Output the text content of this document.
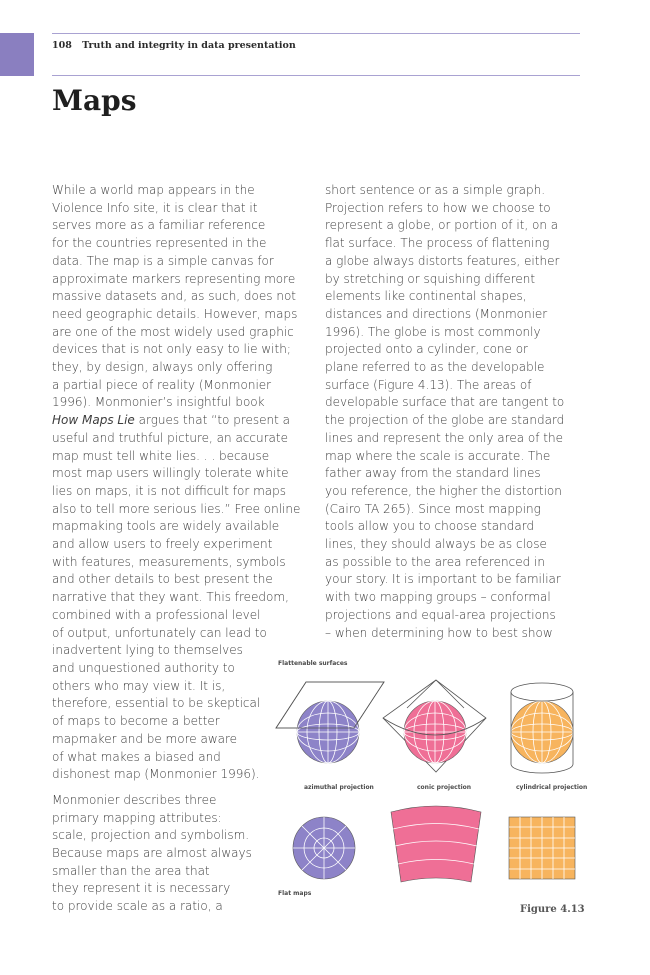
108 Truth and integrity in data presentation
Maps
While a world map appears in the
Violence Info site, it is clear that it
serves more as a familiar reference
for the countries represented in the
data. The map is a simple canvas for
approximate markers representing more
massive datasets and, as such, does not
need geographic details. However, maps
are one of the most widely used graphic
devices that is not only easy to lie with;
they, by design, always only offering
a partial piece of reality (Monmonier
1996). Monmonier’s insightful book
How Maps Lie argues that “to present a
useful and truthful picture, an accurate
map must tell white lies. . . because
most map users willingly tolerate white
lies on maps, it is not difficult for maps
also to tell more serious lies.” Free online
mapmaking tools are widely available
and allow users to freely experiment
with features, measurements, symbols
and other details to best present the
narrative that they want. This freedom,
combined with a professional level
of output, unfortunately can lead to
inadvertent lying to themselves
and unquestioned authority to
others who may view it. It is,
therefore, essential to be skeptical
of maps to become a better
mapmaker and be more aware
of what makes a biased and
dishonest map (Monmonier 1996).
Monmonier describes three
primary mapping attributes:
scale, projection and symbolism.
Because maps are almost always
smaller than the area that
they represent it is necessary
to provide scale as a ratio, a
short sentence or as a simple graph.
Projection refers to how we choose to
represent a globe, or portion of it, on a
flat surface. The process of flattening
a globe always distorts features, either
by stretching or squishing different
elements like continental shapes,
distances and directions (Monmonier
1996). The globe is most commonly
projected onto a cylinder, cone or
plane referred to as the developable
surface (Figure 4.13). The areas of
developable surface that are tangent to
the projection of the globe are standard
lines and represent the only area of the
map where the scale is accurate. The
father away from the standard lines
you reference, the higher the distortion
(Cairo TA 265). Since most mapping
tools allow you to choose standard
lines, they should always be as close
as possible to the area referenced in
your story. It is important to be familiar
with two mapping groups – conformal
projections and equal-area projections
– when determining how to best show
Flattenable surfaces
azimuthal projection	conic projection	cylindrical projection
Flat maps
Figure 4.13
